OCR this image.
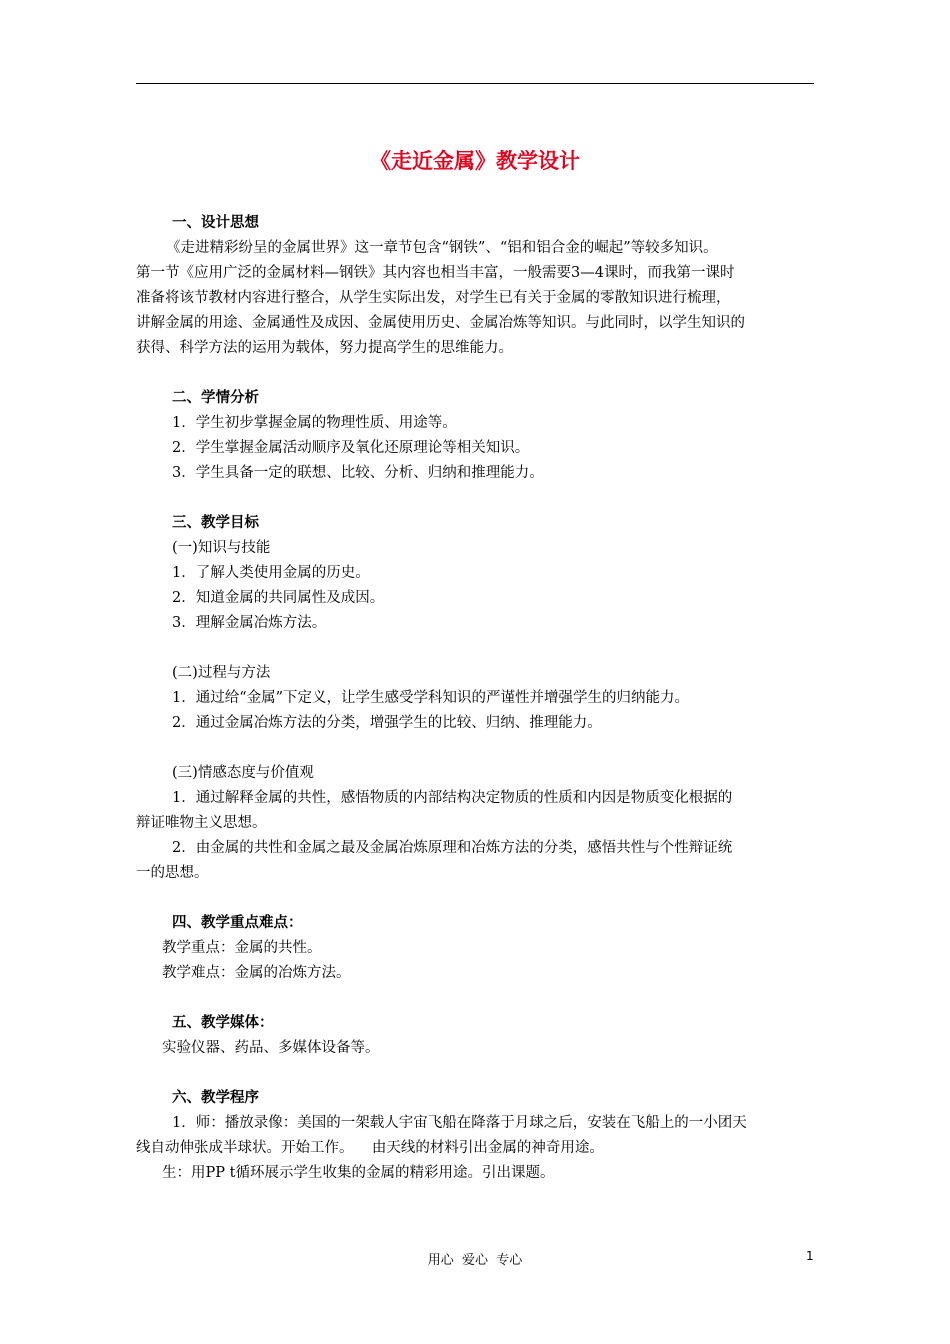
《走近金属》教学设计

一、设计思想

《走进精彩纷呈的金属世界》这一章节包含“钢铁”、“铝和铝合金的崛起”等较多知识。

第一节《应用广泛的金属材料—钢铁》其内容也相当丰富，一般需要3—4课时，而我第一课时

准备将该节教材内容进行整合，从学生实际出发，对学生已有关于金属的零散知识进行梳理，

讲解金属的用途、金属通性及成因、金属使用历史、金属冶炼等知识。与此同时，以学生知识的

获得、科学方法的运用为载体，努力提高学生的思维能力。

二、学情分析

1．学生初步掌握金属的物理性质、用途等。

2．学生掌握金属活动顺序及氧化还原理论等相关知识。

3．学生具备一定的联想、比较、分析、归纳和推理能力。

三、教学目标

(一)知识与技能

1．了解人类使用金属的历史。

2．知道金属的共同属性及成因。

3．理解金属冶炼方法。

(二)过程与方法

1．通过给“金属”下定义，让学生感受学科知识的严谨性并增强学生的归纳能力。

2．通过金属冶炼方法的分类，增强学生的比较、归纳、推理能力。

(三)情感态度与价值观

1．通过解释金属的共性，感悟物质的内部结构决定物质的性质和内因是物质变化根据的

辩证唯物主义思想。

2．由金属的共性和金属之最及金属冶炼原理和冶炼方法的分类，感悟共性与个性辩证统

一的思想。

四、教学重点难点：

教学重点：金属的共性。

教学难点：金属的冶炼方法。

五、教学媒体：

实验仪器、药品、多媒体设备等。

六、教学程序

1．师：播放录像：美国的一架载人宇宙飞船在降落于月球之后，安装在飞船上的一小团天

线自动伸张成半球状。开始工作。    由天线的材料引出金属的神奇用途。

生：用PP t循环展示学生收集的金属的精彩用途。引出课题。

用心  爱心  专心	1
